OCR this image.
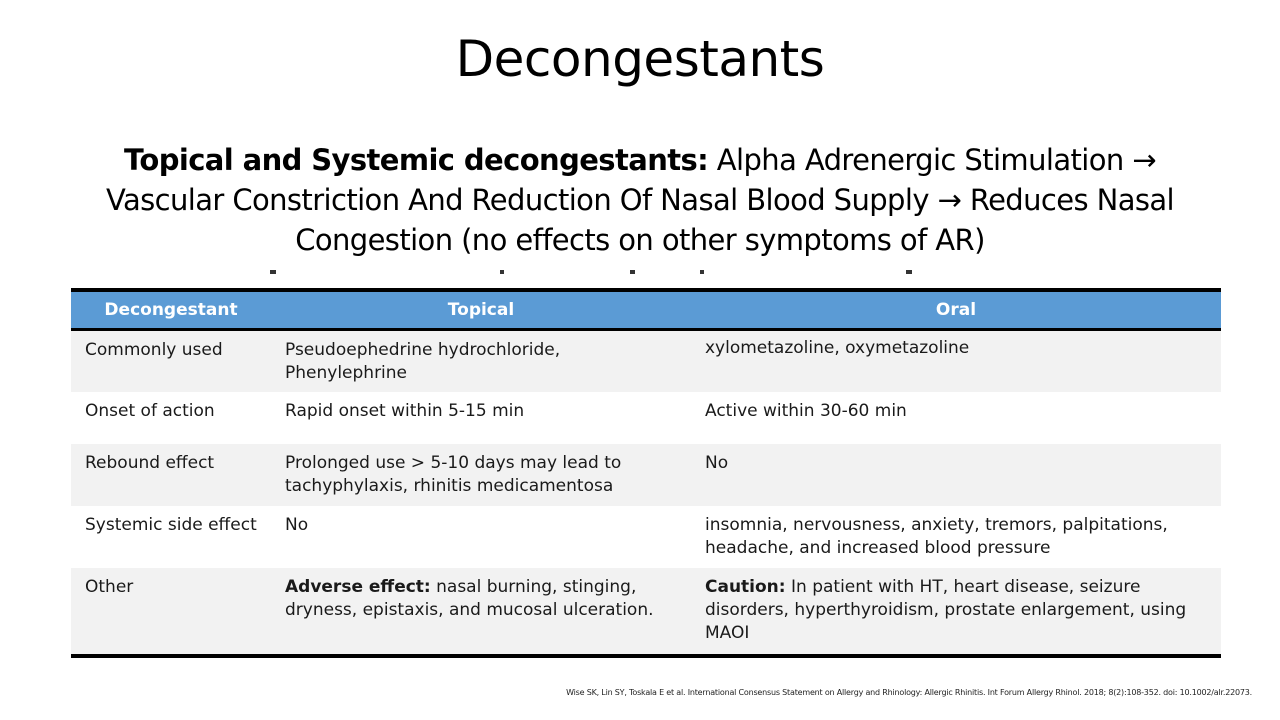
Decongestants

Topical and Systemic decongestants: Alpha Adrenergic Stimulation → Vascular Constriction And Reduction Of Nasal Blood Supply → Reduces Nasal Congestion (no effects on other symptoms of AR)

Decongestant	Topical	Oral
Commonly used	Pseudoephedrine hydrochloride, Phenylephrine	xylometazoline, oxymetazoline
Onset of action	Rapid onset within 5-15 min	Active within 30-60 min
Rebound effect	Prolonged use > 5-10 days may lead to tachyphylaxis, rhinitis medicamentosa	No
Systemic side effect	No	insomnia, nervousness, anxiety, tremors, palpitations, headache, and increased blood pressure
Other	Adverse effect: nasal burning, stinging, dryness, epistaxis, and mucosal ulceration.	Caution: In patient with HT, heart disease, seizure disorders, hyperthyroidism, prostate enlargement, using MAOI
Wise SK, Lin SY, Toskala E et al. International Consensus Statement on Allergy and Rhinology: Allergic Rhinitis. Int Forum Allergy Rhinol. 2018; 8(2):108-352. doi: 10.1002/alr.22073.
